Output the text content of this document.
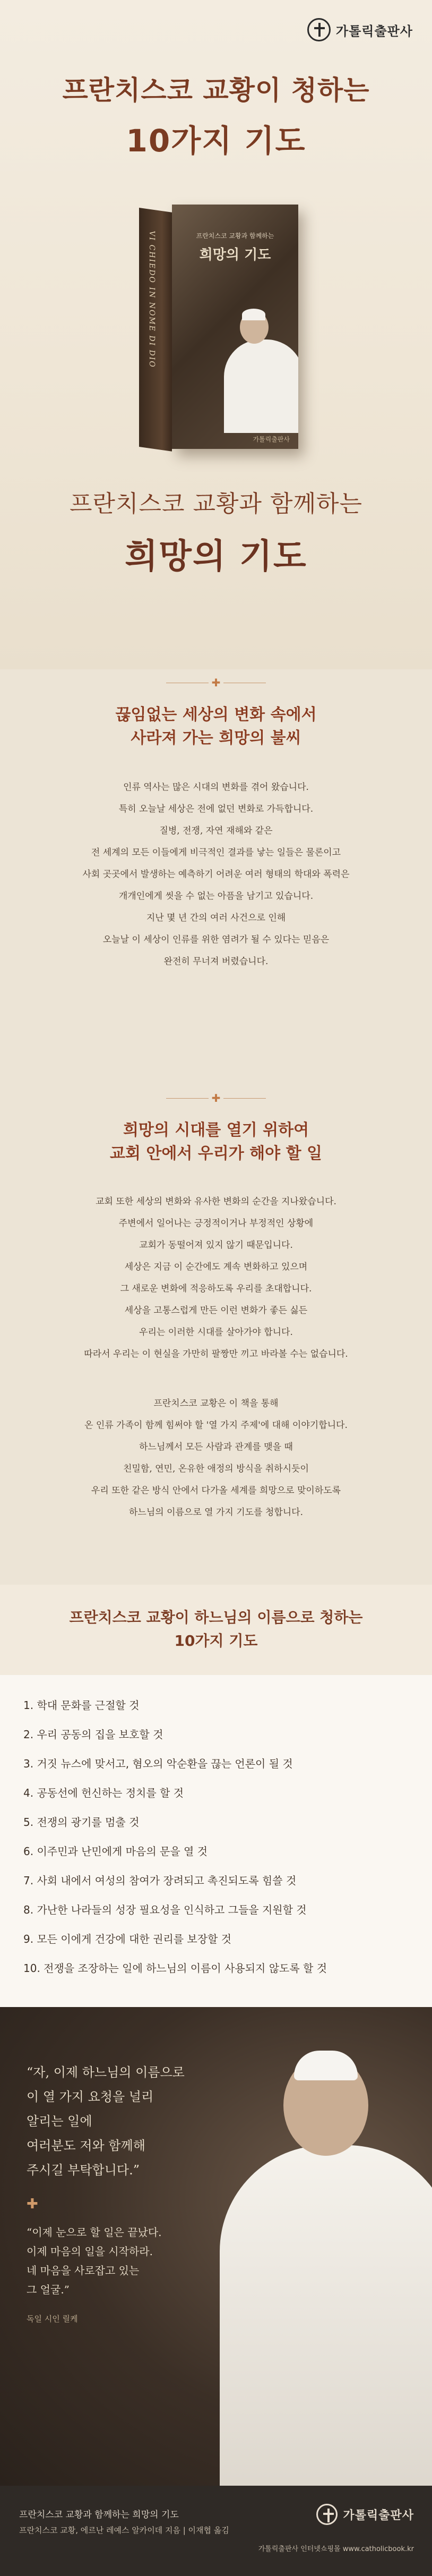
가톨릭출판사
프란치스코 교황이 청하는
10가지 기도
VI CHIEDO IN NOME DI DIO	프란치스코 교황과 함께하는
희망의 기도
가톨릭출판사
프란치스코 교황과 함께하는
희망의 기도
✚
끊임없는 세상의 변화 속에서
사라져 가는 희망의 불씨

인류 역사는 많은 시대의 변화를 겪어 왔습니다.

특히 오늘날 세상은 전에 없던 변화로 가득합니다.

질병, 전쟁, 자연 재해와 같은

전 세계의 모든 이들에게 비극적인 결과를 낳는 일들은 물론이고

사회 곳곳에서 발생하는 예측하기 어려운 여러 형태의 학대와 폭력은

개개인에게 씻을 수 없는 아픔을 남기고 있습니다.

지난 몇 년 간의 여러 사건으로 인해

오늘날 이 세상이 인류를 위한 염려가 될 수 있다는 믿음은

완전히 무너져 버렸습니다.

✚
희망의 시대를 열기 위하여
교회 안에서 우리가 해야 할 일

교회 또한 세상의 변화와 유사한 변화의 순간을 지나왔습니다.

주변에서 일어나는 긍정적이거나 부정적인 상황에

교회가 동떨어져 있지 않기 때문입니다.

세상은 지금 이 순간에도 계속 변화하고 있으며

그 새로운 변화에 적응하도록 우리를 초대합니다.

세상을 고통스럽게 만든 이런 변화가 좋든 싫든

우리는 이러한 시대를 살아가야 합니다.

따라서 우리는 이 현실을 가만히 팔짱만 끼고 바라볼 수는 없습니다.

프란치스코 교황은 이 책을 통해

온 인류 가족이 함께 힘써야 할 '열 가지 주제'에 대해 이야기합니다.

하느님께서 모든 사람과 관계를 맺을 때

친밀함, 연민, 온유한 애정의 방식을 취하시듯이

우리 또한 같은 방식 안에서 다가올 세계를 희망으로 맞이하도록

하느님의 이름으로 열 가지 기도를 청합니다.

프란치스코 교황이 하느님의 이름으로 청하는
10가지 기도
1. 학대 문화를 근절할 것
2. 우리 공동의 집을 보호할 것
3. 거짓 뉴스에 맞서고, 혐오의 악순환을 끊는 언론이 될 것
4. 공동선에 헌신하는 정치를 할 것
5. 전쟁의 광기를 멈출 것
6. 이주민과 난민에게 마음의 문을 열 것
7. 사회 내에서 여성의 참여가 장려되고 촉진되도록 힘쓸 것
8. 가난한 나라들의 성장 필요성을 인식하고 그들을 지원할 것
9. 모든 이에게 건강에 대한 권리를 보장할 것
10. 전쟁을 조장하는 일에 하느님의 이름이 사용되지 않도록 할 것
“자, 이제 하느님의 이름으로
이 열 가지 요청을 널리
알리는 일에
여러분도 저와 함께해
주시길 부탁합니다.”
✚
“이제 눈으로 할 일은 끝났다.
이제 마음의 일을 시작하라.
네 마음을 사로잡고 있는
그 얼굴.”
독일 시인 릴케
프란치스코 교황과 함께하는 희망의 기도
프란치스코 교황, 에르난 레예스 알카이데 지음 | 이재협 옮김
가톨릭출판사
가톨릭출판사 인터넷쇼핑몰 www.catholicbook.kr
